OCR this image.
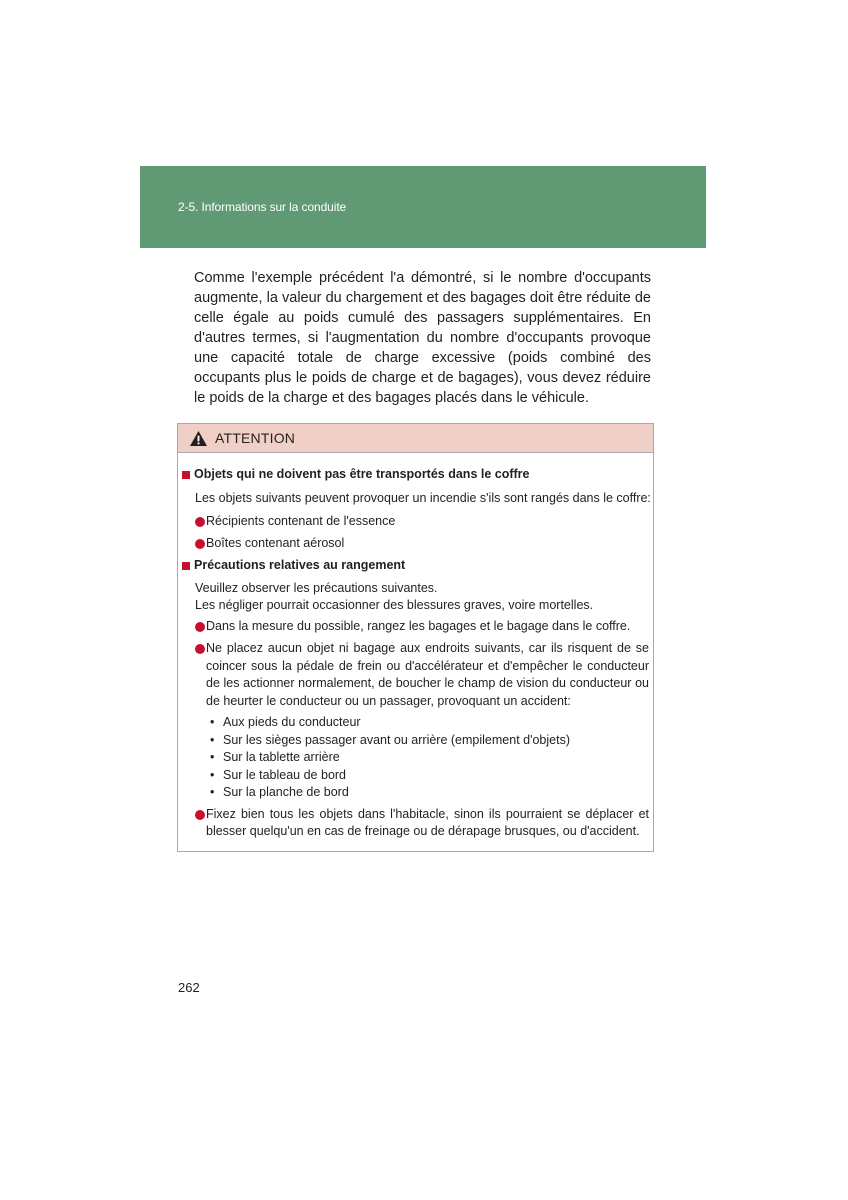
2-5. Informations sur la conduite

Comme l'exemple précédent l'a démontré, si le nombre d'occupants augmente, la valeur du chargement et des bagages doit être réduite de celle égale au poids cumulé des passagers supplémentaires. En d'autres termes, si l'augmentation du nombre d'occupants provoque une capacité totale de charge excessive (poids combiné des occupants plus le poids de charge et de bagages), vous devez réduire le poids de la charge et des bagages placés dans le véhicule.

ATTENTION
Objets qui ne doivent pas être transportés dans le coffre
Les objets suivants peuvent provoquer un incendie s'ils sont rangés dans le coffre:
Récipients contenant de l'essence
Boîtes contenant aérosol
Précautions relatives au rangement
Veuillez observer les précautions suivantes.
Les négliger pourrait occasionner des blessures graves, voire mortelles.
Dans la mesure du possible, rangez les bagages et le bagage dans le coffre.
Ne placez aucun objet ni bagage aux endroits suivants, car ils risquent de se coincer sous la pédale de frein ou d'accélérateur et d'empêcher le conducteur de les actionner normalement, de boucher le champ de vision du conducteur ou de heurter le conducteur ou un passager, provoquant un accident:
• Aux pieds du conducteur
• Sur les sièges passager avant ou arrière (empilement d'objets)
• Sur la tablette arrière
• Sur le tableau de bord
• Sur la planche de bord
Fixez bien tous les objets dans l'habitacle, sinon ils pourraient se déplacer et blesser quelqu'un en cas de freinage ou de dérapage brusques, ou d'accident.
262
